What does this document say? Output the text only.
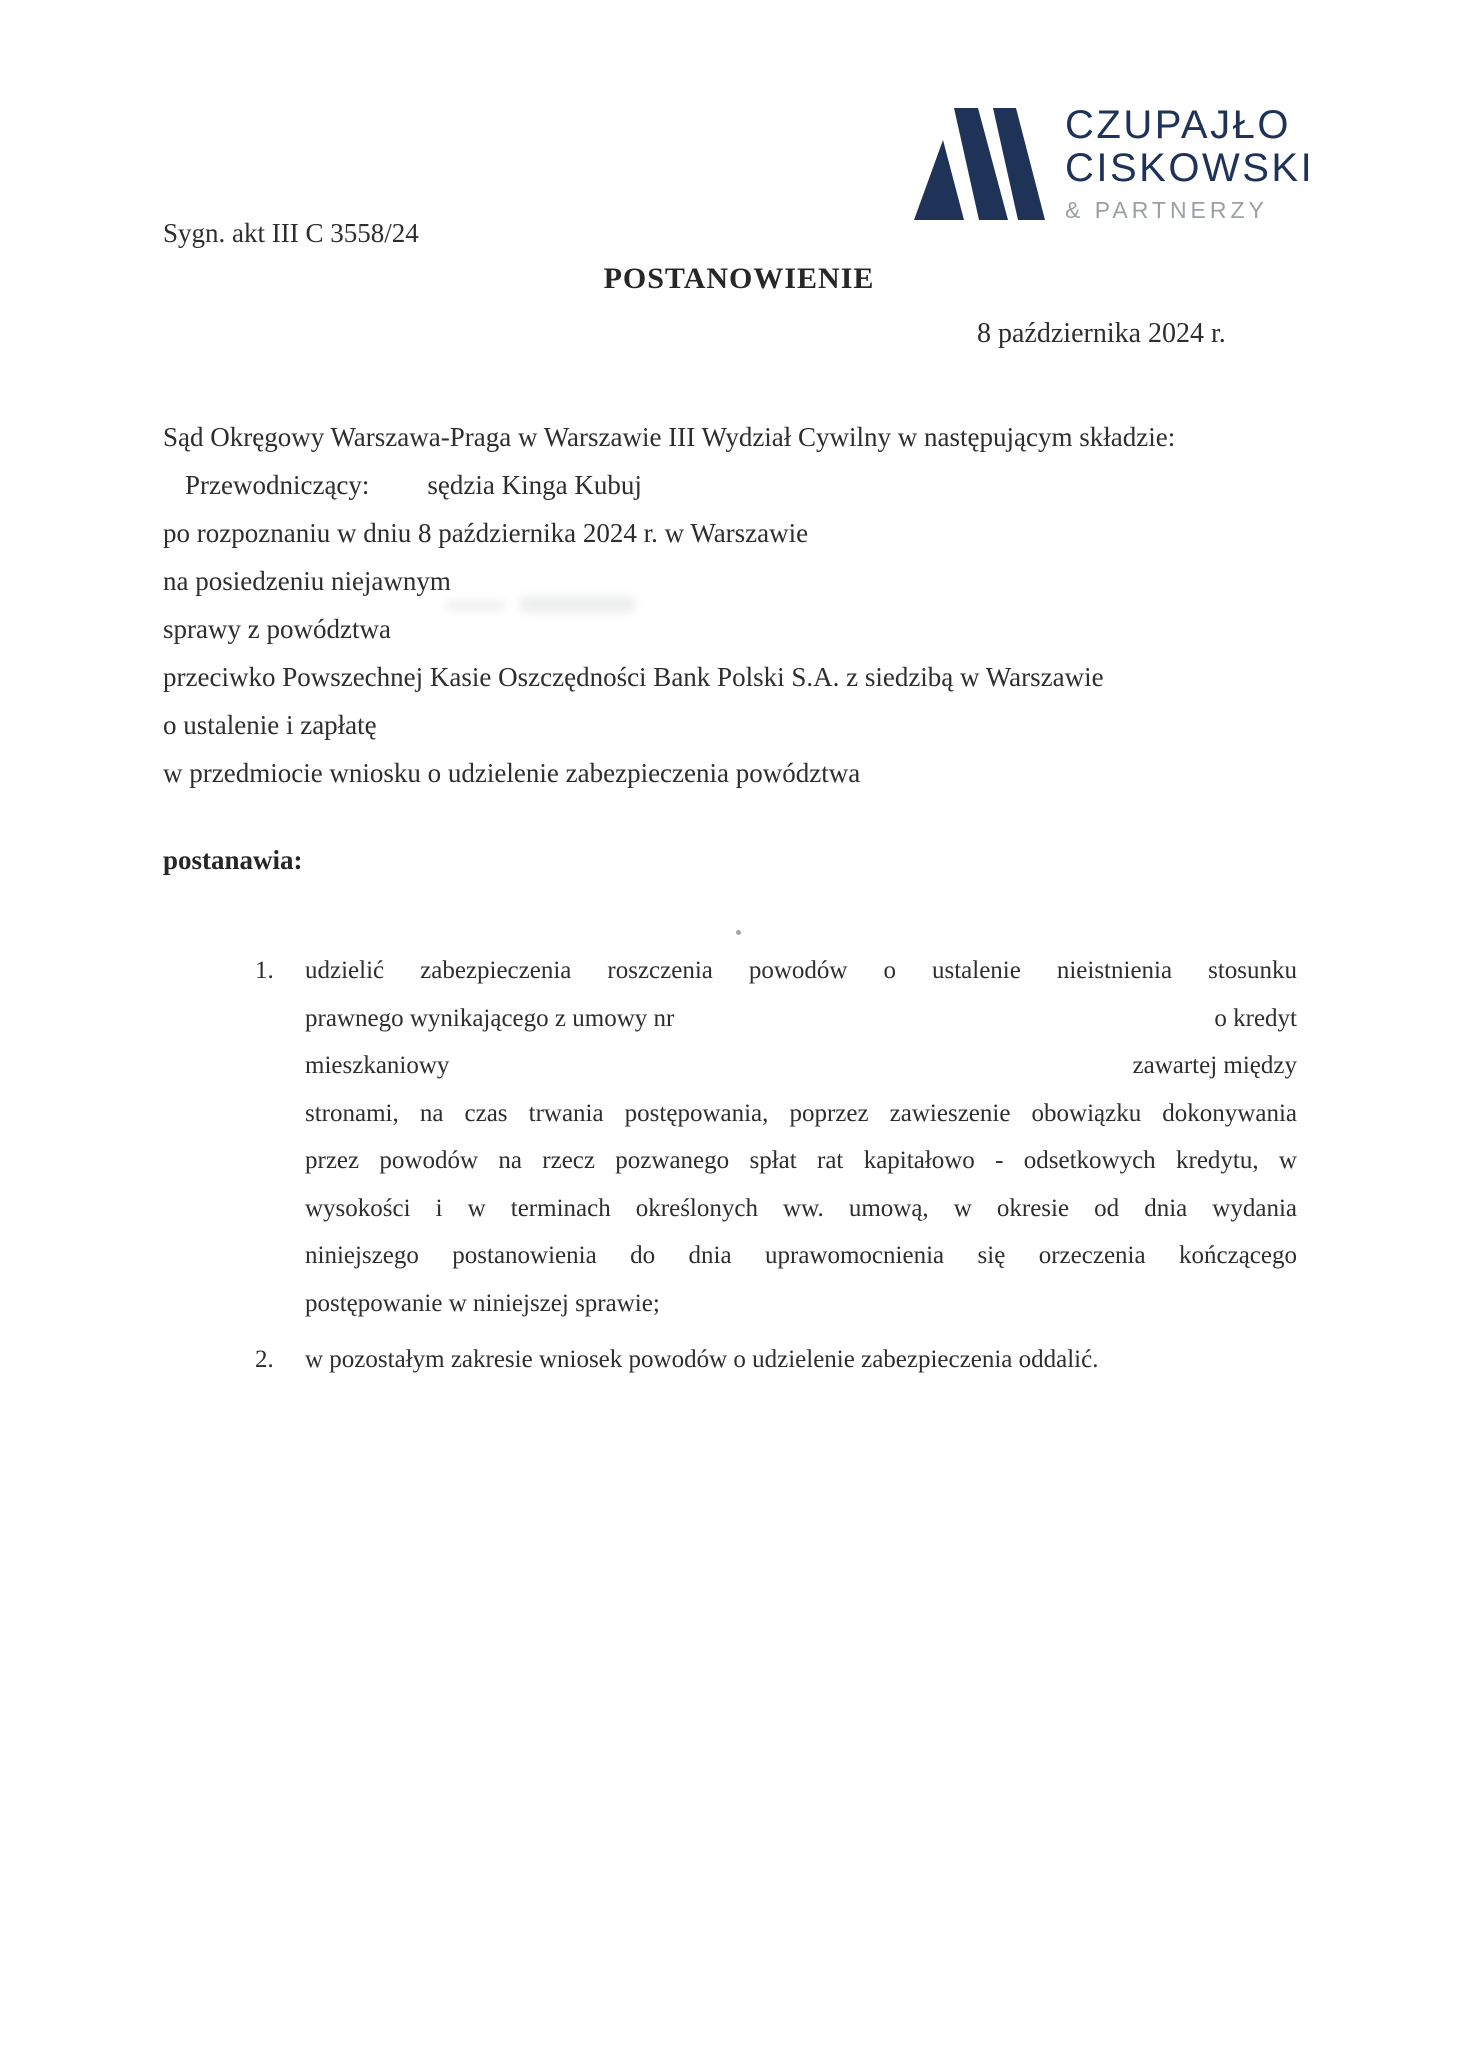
Sygn. akt III C 3558/24
CZUPAJŁO
CISKOWSKI
& PARTNERZY
POSTANOWIENIE
8 października 2024 r.
Sąd Okręgowy Warszawa-Praga w Warszawie III Wydział Cywilny w następującym składzie:
Przewodniczący: sędzia Kinga Kubuj
po rozpoznaniu w dniu 8 października 2024 r. w Warszawie
na posiedzeniu niejawnym
sprawy z powództwa
przeciwko Powszechnej Kasie Oszczędności Bank Polski S.A. z siedzibą w Warszawie
o ustalenie i zapłatę
w przedmiocie wniosku o udzielenie zabezpieczenia powództwa
postanawia:
1.	udzielić zabezpieczenia roszczenia powodów o ustalenie nieistnienia stosunku
prawnego wynikającego z umowy nr	o kredyt
mieszkaniowy	zawartej między
stronami, na czas trwania postępowania, poprzez zawieszenie obowiązku dokonywania
przez powodów na rzecz pozwanego spłat rat kapitałowo - odsetkowych kredytu, w
wysokości i w terminach określonych ww. umową, w okresie od dnia wydania
niniejszego postanowienia do dnia uprawomocnienia się orzeczenia kończącego
postępowanie w niniejszej sprawie;
2.	w pozostałym zakresie wniosek powodów o udzielenie zabezpieczenia oddalić.
